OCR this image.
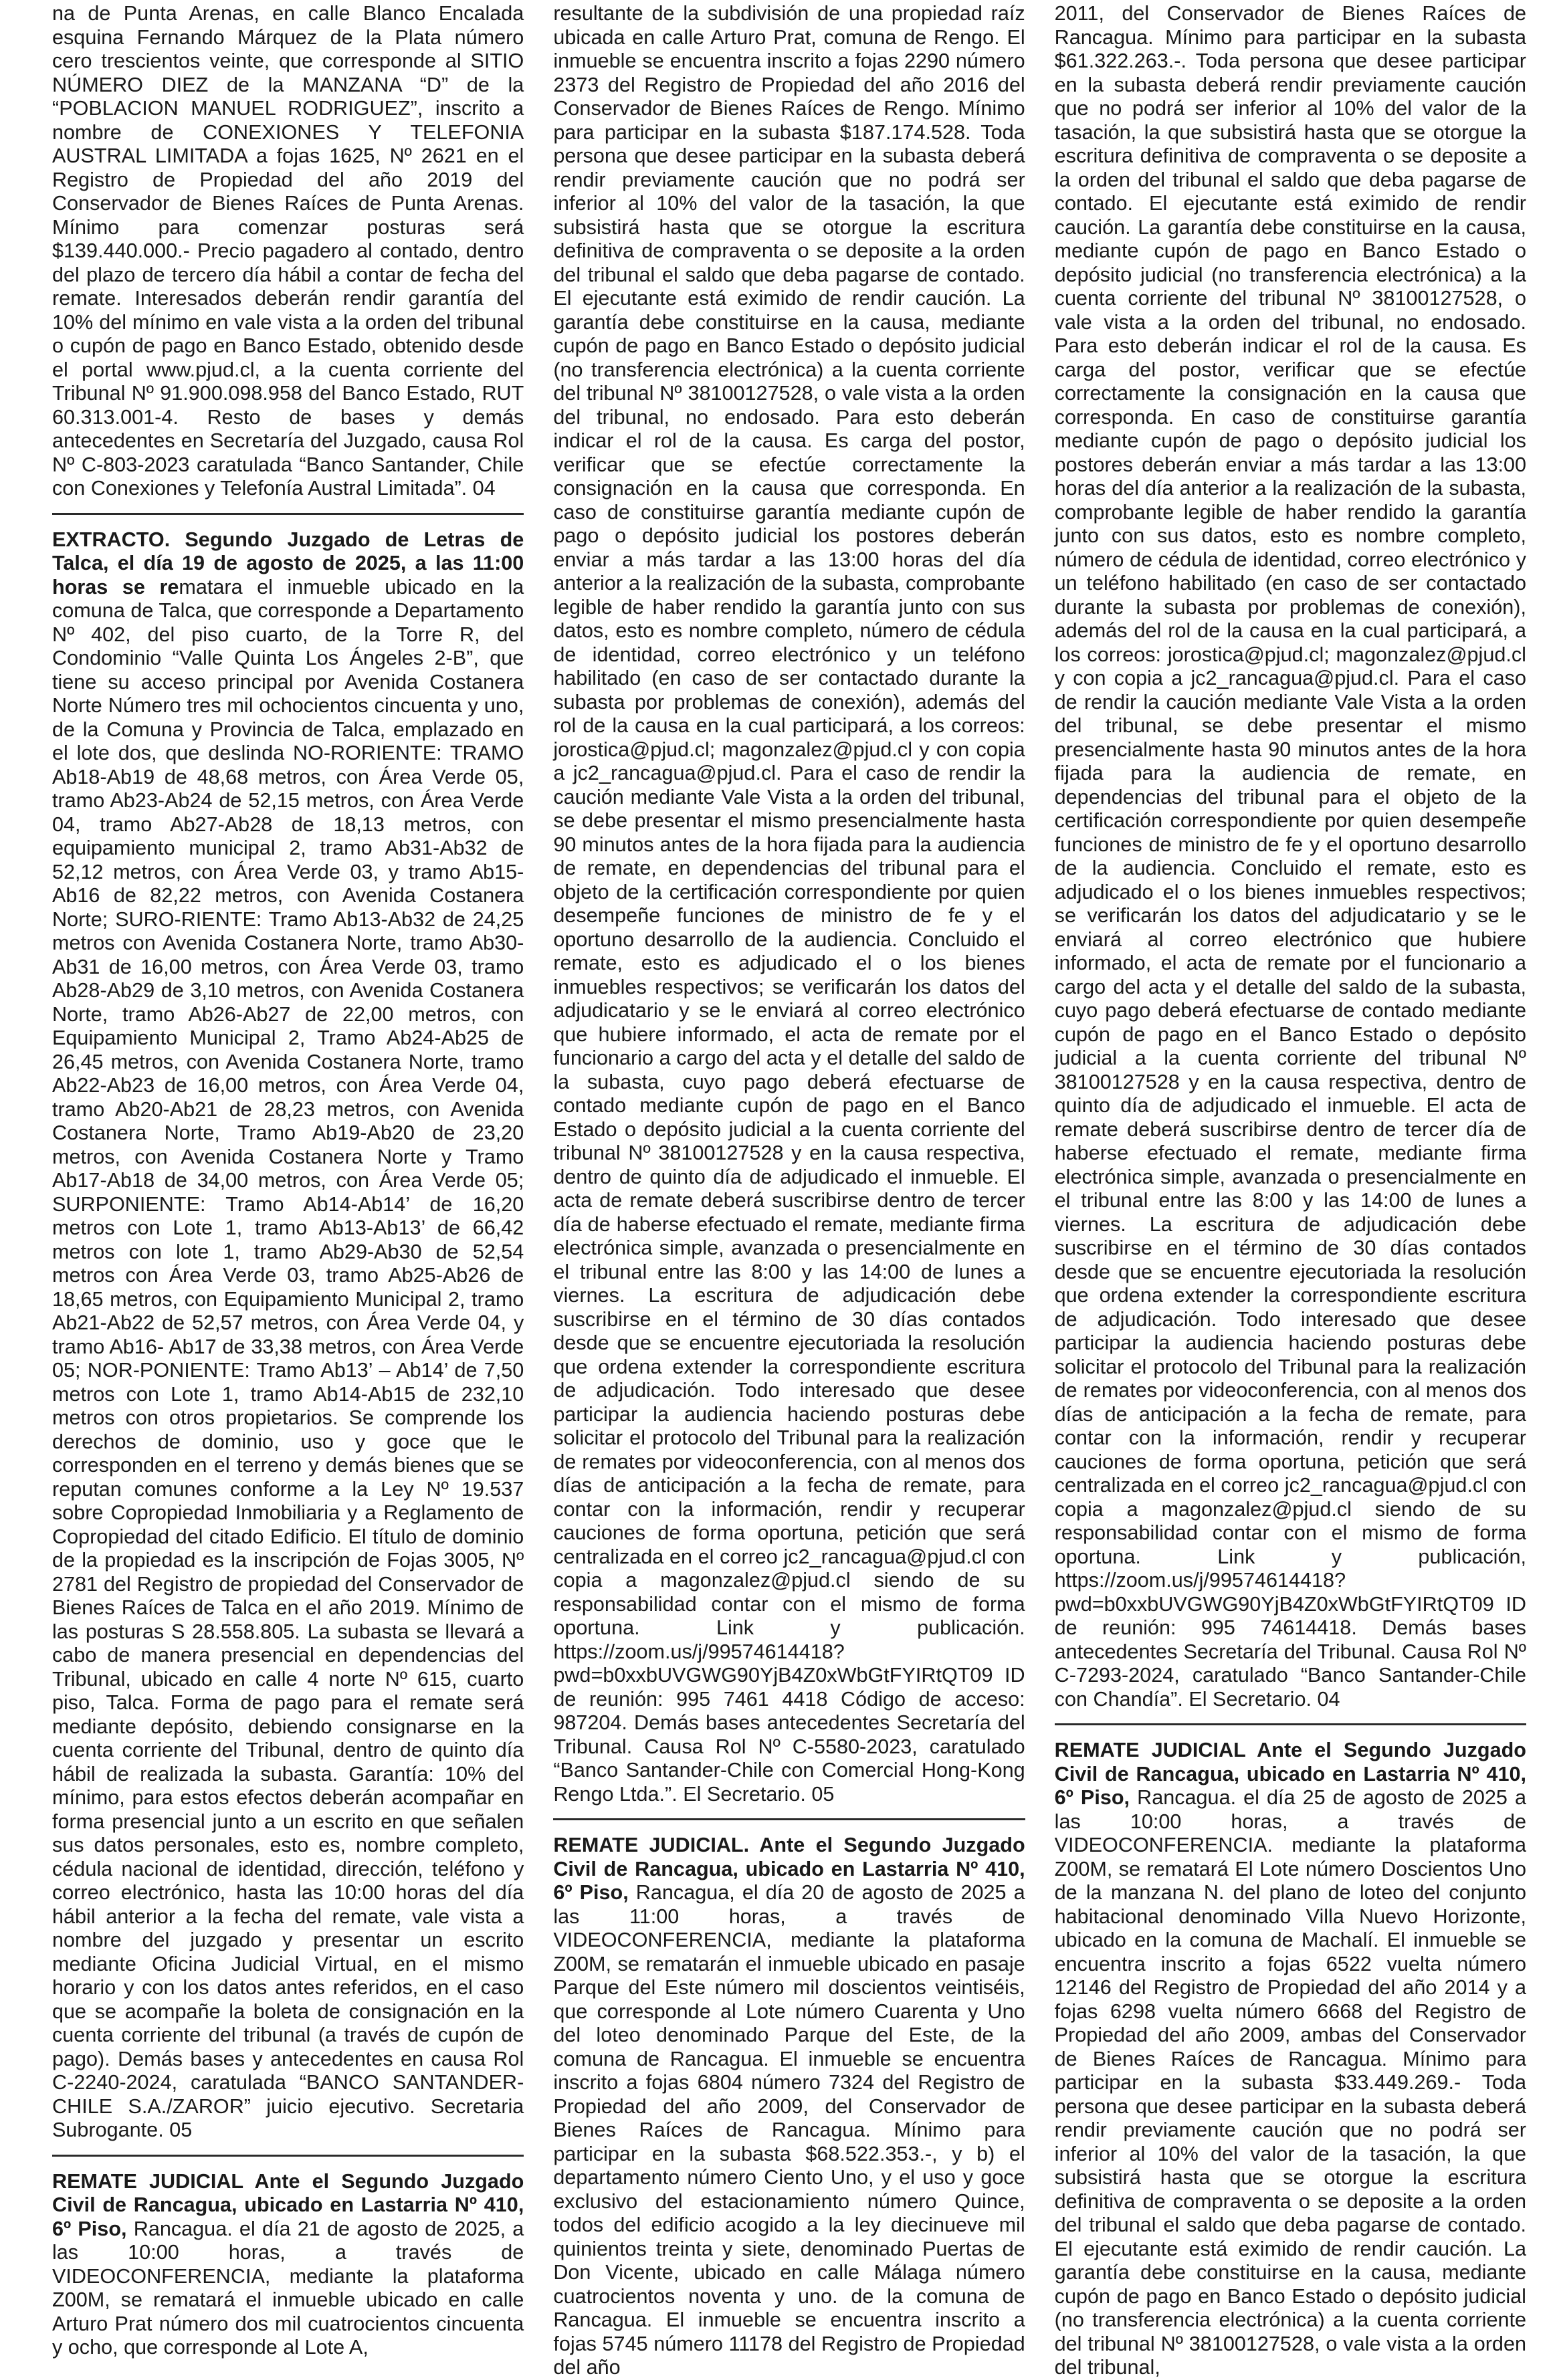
na de Punta Arenas, en calle Blanco Encalada esquina Fernando Márquez de la Plata número cero trescientos veinte, que corresponde al SITIO NÚMERO DIEZ de la MANZANA “D” de la “POBLACION MANUEL RODRIGUEZ”, inscrito a nombre de CONEXIONES Y TELEFONIA AUSTRAL LIMITADA a fojas 1625, Nº 2621 en el Registro de Propiedad del año 2019 del Conservador de Bienes Raíces de Punta Arenas. Mínimo para comenzar posturas será $139.440.000.- Precio pagadero al contado, dentro del plazo de tercero día hábil a contar de fecha del remate. Interesados deberán rendir garantía del 10% del mínimo en vale vista a la orden del tribunal o cupón de pago en Banco Estado, obtenido desde el portal www.pjud.cl, a la cuenta corriente del Tribunal Nº 91.900.098.958 del Banco Estado, RUT 60.313.001-4. Resto de bases y demás antecedentes en Secretaría del Juzgado, causa Rol Nº C-803-2023 caratulada “Banco Santander, Chile con Conexiones y Telefonía Austral Limitada”. 04

EXTRACTO. Segundo Juzgado de Letras de Talca, el día 19 de agosto de 2025, a las 11:00 horas se rematara el inmueble ubicado en la comuna de Talca, que corresponde a Departamento Nº 402, del piso cuarto, de la Torre R, del Condominio “Valle Quinta Los Ángeles 2-B”, que tiene su acceso principal por Avenida Costanera Norte Número tres mil ochocientos cincuenta y uno, de la Comuna y Provincia de Talca, emplazado en el lote dos, que deslinda NO-RORIENTE: TRAMO Ab18-Ab19 de 48,68 metros, con Área Verde 05, tramo Ab23-Ab24 de 52,15 metros, con Área Verde 04, tramo Ab27-Ab28 de 18,13 metros, con equipamiento municipal 2, tramo Ab31-Ab32 de 52,12 metros, con Área Verde 03, y tramo Ab15-Ab16 de 82,22 metros, con Avenida Costanera Norte; SURO-RIENTE: Tramo Ab13-Ab32 de 24,25 metros con Avenida Costanera Norte, tramo Ab30-Ab31 de 16,00 metros, con Área Verde 03, tramo Ab28-Ab29 de 3,10 metros, con Avenida Costanera Norte, tramo Ab26-Ab27 de 22,00 metros, con Equipamiento Municipal 2, Tramo Ab24-Ab25 de 26,45 metros, con Avenida Costanera Norte, tramo Ab22-Ab23 de 16,00 metros, con Área Verde 04, tramo Ab20-Ab21 de 28,23 metros, con Avenida Costanera Norte, Tramo Ab19-Ab20 de 23,20 metros, con Avenida Costanera Norte y Tramo Ab17-Ab18 de 34,00 metros, con Área Verde 05; SURPONIENTE: Tramo Ab14-Ab14’ de 16,20 metros con Lote 1, tramo Ab13-Ab13’ de 66,42 metros con lote 1, tramo Ab29-Ab30 de 52,54 metros con Área Verde 03, tramo Ab25-Ab26 de 18,65 metros, con Equipamiento Municipal 2, tramo Ab21-Ab22 de 52,57 metros, con Área Verde 04, y tramo Ab16- Ab17 de 33,38 metros, con Área Verde 05; NOR-PONIENTE: Tramo Ab13’ – Ab14’ de 7,50 metros con Lote 1, tramo Ab14-Ab15 de 232,10 metros con otros propietarios. Se comprende los derechos de dominio, uso y goce que le corresponden en el terreno y demás bienes que se reputan comunes conforme a la Ley Nº 19.537 sobre Copropiedad Inmobiliaria y a Reglamento de Copropiedad del citado Edificio. El título de dominio de la propiedad es la inscripción de Fojas 3005, Nº 2781 del Registro de propiedad del Conservador de Bienes Raíces de Talca en el año 2019. Mínimo de las posturas S 28.558.805. La subasta se llevará a cabo de manera presencial en dependencias del Tribunal, ubicado en calle 4 norte Nº 615, cuarto piso, Talca. Forma de pago para el remate será mediante depósito, debiendo consignarse en la cuenta corriente del Tribunal, dentro de quinto día hábil de realizada la subasta. Garantía: 10% del mínimo, para estos efectos deberán acompañar en forma presencial junto a un escrito en que señalen sus datos personales, esto es, nombre completo, cédula nacional de identidad, dirección, teléfono y correo electrónico, hasta las 10:00 horas del día hábil anterior a la fecha del remate, vale vista a nombre del juzgado y presentar un escrito mediante Oficina Judicial Virtual, en el mismo horario y con los datos antes referidos, en el caso que se acompañe la boleta de consignación en la cuenta corriente del tribunal (a través de cupón de pago). Demás bases y antecedentes en causa Rol C-2240-2024, caratulada “BANCO SANTANDER-CHILE S.A./ZAROR” juicio ejecutivo. Secretaria Subrogante. 05

REMATE JUDICIAL Ante el Segundo Juzgado Civil de Rancagua, ubicado en Lastarria Nº 410, 6º Piso, Rancagua. el día 21 de agosto de 2025, a las 10:00 horas, a través de VIDEOCONFERENCIA, mediante la plataforma Z00M, se rematará el inmueble ubicado en calle Arturo Prat número dos mil cuatrocientos cincuenta y ocho, que corresponde al Lote A,

resultante de la subdivisión de una propiedad raíz ubicada en calle Arturo Prat, comuna de Rengo. El inmueble se encuentra inscrito a fojas 2290 número 2373 del Registro de Propiedad del año 2016 del Conservador de Bienes Raíces de Rengo. Mínimo para participar en la subasta $187.174.528. Toda persona que desee participar en la subasta deberá rendir previamente caución que no podrá ser inferior al 10% del valor de la tasación, la que subsistirá hasta que se otorgue la escritura definitiva de compraventa o se deposite a la orden del tribunal el saldo que deba pagarse de contado. El ejecutante está eximido de rendir caución. La garantía debe constituirse en la causa, mediante cupón de pago en Banco Estado o depósito judicial (no transferencia electrónica) a la cuenta corriente del tribunal Nº 38100127528, o vale vista a la orden del tribunal, no endosado. Para esto deberán indicar el rol de la causa. Es carga del postor, verificar que se efectúe correctamente la consignación en la causa que corresponda. En caso de constituirse garantía mediante cupón de pago o depósito judicial los postores deberán enviar a más tardar a las 13:00 horas del día anterior a la realización de la subasta, comprobante legible de haber rendido la garantía junto con sus datos, esto es nombre completo, número de cédula de identidad, correo electrónico y un teléfono habilitado (en caso de ser contactado durante la subasta por problemas de conexión), además del rol de la causa en la cual participará, a los correos: jorostica@pjud.cl; magonzalez@pjud.cl y con copia a jc2_rancagua@pjud.cl. Para el caso de rendir la caución mediante Vale Vista a la orden del tribunal, se debe presentar el mismo presencialmente hasta 90 minutos antes de la hora fijada para la audiencia de remate, en dependencias del tribunal para el objeto de la certificación correspondiente por quien desempeñe funciones de ministro de fe y el oportuno desarrollo de la audiencia. Concluido el remate, esto es adjudicado el o los bienes inmuebles respectivos; se verificarán los datos del adjudicatario y se le enviará al correo electrónico que hubiere informado, el acta de remate por el funcionario a cargo del acta y el detalle del saldo de la subasta, cuyo pago deberá efectuarse de contado mediante cupón de pago en el Banco Estado o depósito judicial a la cuenta corriente del tribunal Nº 38100127528 y en la causa respectiva, dentro de quinto día de adjudicado el inmueble. El acta de remate deberá suscribirse dentro de tercer día de haberse efectuado el remate, mediante firma electrónica simple, avanzada o presencialmente en el tribunal entre las 8:00 y las 14:00 de lunes a viernes. La escritura de adjudicación debe suscribirse en el término de 30 días contados desde que se encuentre ejecutoriada la resolución que ordena extender la correspondiente escritura de adjudicación. Todo interesado que desee participar la audiencia haciendo posturas debe solicitar el protocolo del Tribunal para la realización de remates por videoconferencia, con al menos dos días de anticipación a la fecha de remate, para contar con la información, rendir y recuperar cauciones de forma oportuna, petición que será centralizada en el correo jc2_rancagua@pjud.cl con copia a magonzalez@pjud.cl siendo de su responsabilidad contar con el mismo de forma oportuna. Link y publicación. https://zoom.us/j/99574614418?pwd=b0xxbUVGWG90YjB4Z0xWbGtFYIRtQT09 ID de reunión: 995 7461 4418 Código de acceso: 987204. Demás bases antecedentes Secretaría del Tribunal. Causa Rol Nº C-5580-2023, caratulado “Banco Santander-Chile con Comercial Hong-Kong Rengo Ltda.”. El Secretario. 05

REMATE JUDICIAL. Ante el Segundo Juzgado Civil de Rancagua, ubicado en Lastarria Nº 410, 6º Piso, Rancagua, el día 20 de agosto de 2025 a las 11:00 horas, a través de VIDEOCONFERENCIA, mediante la plataforma Z00M, se rematarán el inmueble ubicado en pasaje Parque del Este número mil doscientos veintiséis, que corresponde al Lote número Cuarenta y Uno del loteo denominado Parque del Este, de la comuna de Rancagua. El inmueble se encuentra inscrito a fojas 6804 número 7324 del Registro de Propiedad del año 2009, del Conservador de Bienes Raíces de Rancagua. Mínimo para participar en la subasta $68.522.353.-, y b) el departamento número Ciento Uno, y el uso y goce exclusivo del estacionamiento número Quince, todos del edificio acogido a la ley diecinueve mil quinientos treinta y siete, denominado Puertas de Don Vicente, ubicado en calle Málaga número cuatrocientos noventa y uno. de la comuna de Rancagua. El inmueble se encuentra inscrito a fojas 5745 número 11178 del Registro de Propiedad del año

2011, del Conservador de Bienes Raíces de Rancagua. Mínimo para participar en la subasta $61.322.263.-. Toda persona que desee participar en la subasta deberá rendir previamente caución que no podrá ser inferior al 10% del valor de la tasación, la que subsistirá hasta que se otorgue la escritura definitiva de compraventa o se deposite a la orden del tribunal el saldo que deba pagarse de contado. El ejecutante está eximido de rendir caución. La garantía debe constituirse en la causa, mediante cupón de pago en Banco Estado o depósito judicial (no transferencia electrónica) a la cuenta corriente del tribunal Nº 38100127528, o vale vista a la orden del tribunal, no endosado. Para esto deberán indicar el rol de la causa. Es carga del postor, verificar que se efectúe correctamente la consignación en la causa que corresponda. En caso de constituirse garantía mediante cupón de pago o depósito judicial los postores deberán enviar a más tardar a las 13:00 horas del día anterior a la realización de la subasta, comprobante legible de haber rendido la garantía junto con sus datos, esto es nombre completo, número de cédula de identidad, correo electrónico y un teléfono habilitado (en caso de ser contactado durante la subasta por problemas de conexión), además del rol de la causa en la cual participará, a los correos: jorostica@pjud.cl; magonzalez@pjud.cl y con copia a jc2_rancagua@pjud.cl. Para el caso de rendir la caución mediante Vale Vista a la orden del tribunal, se debe presentar el mismo presencialmente hasta 90 minutos antes de la hora fijada para la audiencia de remate, en dependencias del tribunal para el objeto de la certificación correspondiente por quien desempeñe funciones de ministro de fe y el oportuno desarrollo de la audiencia. Concluido el remate, esto es adjudicado el o los bienes inmuebles respectivos; se verificarán los datos del adjudicatario y se le enviará al correo electrónico que hubiere informado, el acta de remate por el funcionario a cargo del acta y el detalle del saldo de la subasta, cuyo pago deberá efectuarse de contado mediante cupón de pago en el Banco Estado o depósito judicial a la cuenta corriente del tribunal Nº 38100127528 y en la causa respectiva, dentro de quinto día de adjudicado el inmueble. El acta de remate deberá suscribirse dentro de tercer día de haberse efectuado el remate, mediante firma electrónica simple, avanzada o presencialmente en el tribunal entre las 8:00 y las 14:00 de lunes a viernes. La escritura de adjudicación debe suscribirse en el término de 30 días contados desde que se encuentre ejecutoriada la resolución que ordena extender la correspondiente escritura de adjudicación. Todo interesado que desee participar la audiencia haciendo posturas debe solicitar el protocolo del Tribunal para la realización de remates por videoconferencia, con al menos dos días de anticipación a la fecha de remate, para contar con la información, rendir y recuperar cauciones de forma oportuna, petición que será centralizada en el correo jc2_rancagua@pjud.cl con copia a magonzalez@pjud.cl siendo de su responsabilidad contar con el mismo de forma oportuna. Link y publicación, https://zoom.us/j/99574614418?pwd=b0xxbUVGWG90YjB4Z0xWbGtFYIRtQT09 ID de reunión: 995 74614418. Demás bases antecedentes Secretaría del Tribunal. Causa Rol Nº C-7293-2024, caratulado “Banco Santander-Chile con Chandía”. El Secretario. 04

REMATE JUDICIAL Ante el Segundo Juzgado Civil de Rancagua, ubicado en Lastarria Nº 410, 6º Piso, Rancagua. el día 25 de agosto de 2025 a las 10:00 horas, a través de VIDEOCONFERENCIA. mediante la plataforma Z00M, se rematará El Lote número Doscientos Uno de la manzana N. del plano de loteo del conjunto habitacional denominado Villa Nuevo Horizonte, ubicado en la comuna de Machalí. El inmueble se encuentra inscrito a fojas 6522 vuelta número 12146 del Registro de Propiedad del año 2014 y a fojas 6298 vuelta número 6668 del Registro de Propiedad del año 2009, ambas del Conservador de Bienes Raíces de Rancagua. Mínimo para participar en la subasta $33.449.269.- Toda persona que desee participar en la subasta deberá rendir previamente caución que no podrá ser inferior al 10% del valor de la tasación, la que subsistirá hasta que se otorgue la escritura definitiva de compraventa o se deposite a la orden del tribunal el saldo que deba pagarse de contado. El ejecutante está eximido de rendir caución. La garantía debe constituirse en la causa, mediante cupón de pago en Banco Estado o depósito judicial (no transferencia electrónica) a la cuenta corriente del tribunal Nº 38100127528, o vale vista a la orden del tribunal,
